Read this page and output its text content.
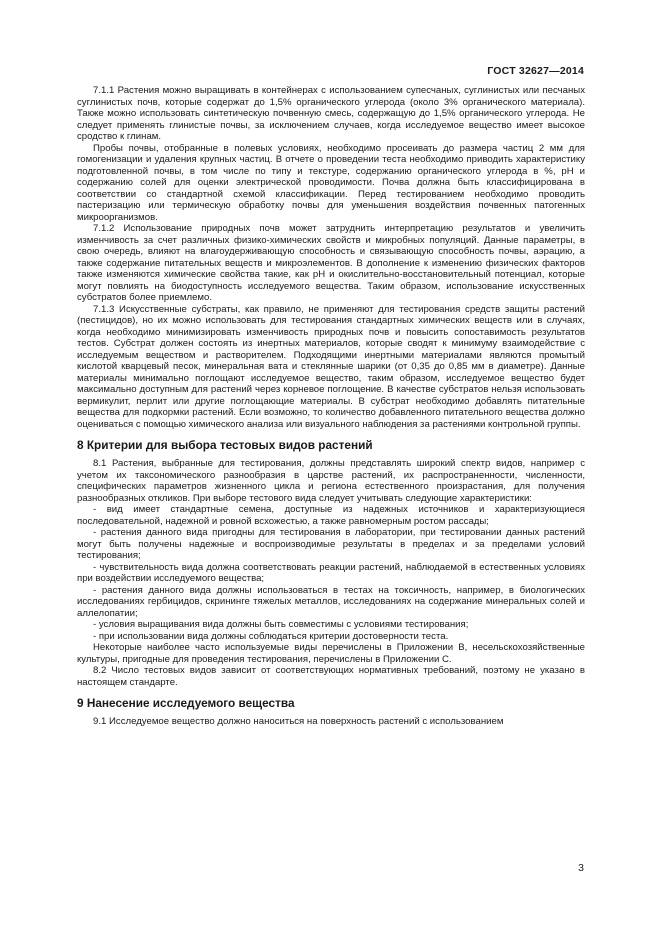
ГОСТ 32627—2014

7.1.1 Растения можно выращивать в контейнерах с использованием супесчаных, суглинистых или песчаных суглинистых почв, которые содержат до 1,5% органического углерода (около 3% органического материала). Также можно использовать синтетическую почвенную смесь, содержащую до 1,5% органического углерода. Не следует применять глинистые почвы, за исключением случаев, когда исследуемое вещество имеет высокое сродство к глинам.

Пробы почвы, отобранные в полевых условиях, необходимо просеивать до размера частиц 2 мм для гомогенизации и удаления крупных частиц. В отчете о проведении теста необходимо приводить характеристику подготовленной почвы, в том числе по типу и текстуре, содержанию органического углерода в %, pH и содержанию солей для оценки электрической проводимости. Почва должна быть классифицирована в соответствии со стандартной схемой классификации. Перед тестированием необходимо проводить пастеризацию или термическую обработку почвы для уменьшения воздействия почвенных патогенных микроорганизмов.

7.1.2 Использование природных почв может затруднить интерпретацию результатов и увеличить изменчивость за счет различных физико-химических свойств и микробных популяций. Данные параметры, в свою очередь, влияют на влагоудерживающую способность и связывающую способность почвы, аэрацию, а также содержание питательных веществ и микроэлементов. В дополнение к изменению физических факторов также изменяются химические свойства такие, как pH и окислительно-восстановительный потенциал, которые могут повлиять на биодоступность исследуемого вещества. Таким образом, использование искусственных субстратов более приемлемо.

7.1.3 Искусственные субстраты, как правило, не применяют для тестирования средств защиты растений (пестицидов), но их можно использовать для тестирования стандартных химических веществ или в случаях, когда необходимо минимизировать изменчивость природных почв и повысить сопоставимость результатов тестов. Субстрат должен состоять из инертных материалов, которые сводят к минимуму взаимодействие с исследуемым веществом и растворителем. Подходящими инертными материалами являются промытый кислотой кварцевый песок, минеральная вата и стеклянные шарики (от 0,35 до 0,85 мм в диаметре). Данные материалы минимально поглощают исследуемое вещество, таким образом, исследуемое вещество будет максимально доступным для растений через корневое поглощение. В качестве субстратов нельзя использовать вермикулит, перлит или другие поглощающие материалы. В субстрат необходимо добавлять питательные вещества для подкормки растений. Если возможно, то количество добавленного питательного вещества должно оцениваться с помощью химического анализа или визуального наблюдения за растениями контрольной группы.

8 Критерии для выбора тестовых видов растений

8.1 Растения, выбранные для тестирования, должны представлять широкий спектр видов, например с учетом их таксономического разнообразия в царстве растений, их распространенности, численности, специфических параметров жизненного цикла и региона естественного произрастания, для получения разнообразных откликов. При выборе тестового вида следует учитывать следующие характеристики:

- вид имеет стандартные семена, доступные из надежных источников и характеризующиеся последовательной, надежной и ровной всхожестью, а также равномерным ростом рассады;

- растения данного вида пригодны для тестирования в лаборатории, при тестировании данных растений могут быть получены надежные и воспроизводимые результаты в пределах и за пределами условий тестирования;

- чувствительность вида должна соответствовать реакции растений, наблюдаемой в естественных условиях при воздействии исследуемого вещества;

- растения данного вида должны использоваться в тестах на токсичность, например, в биологических исследованиях гербицидов, скрининге тяжелых металлов, исследованиях на содержание минеральных солей и аллелопатии;

- условия выращивания вида должны быть совместимы с условиями тестирования;

- при использовании вида должны соблюдаться критерии достоверности теста.

Некоторые наиболее часто используемые виды перечислены в Приложении В, несельскохозяйственные культуры, пригодные для проведения тестирования, перечислены в Приложении С.

8.2 Число тестовых видов зависит от соответствующих нормативных требований, поэтому не указано в настоящем стандарте.

9 Нанесение исследуемого вещества

9.1 Исследуемое вещество должно наноситься на поверхность растений с использованием

3
